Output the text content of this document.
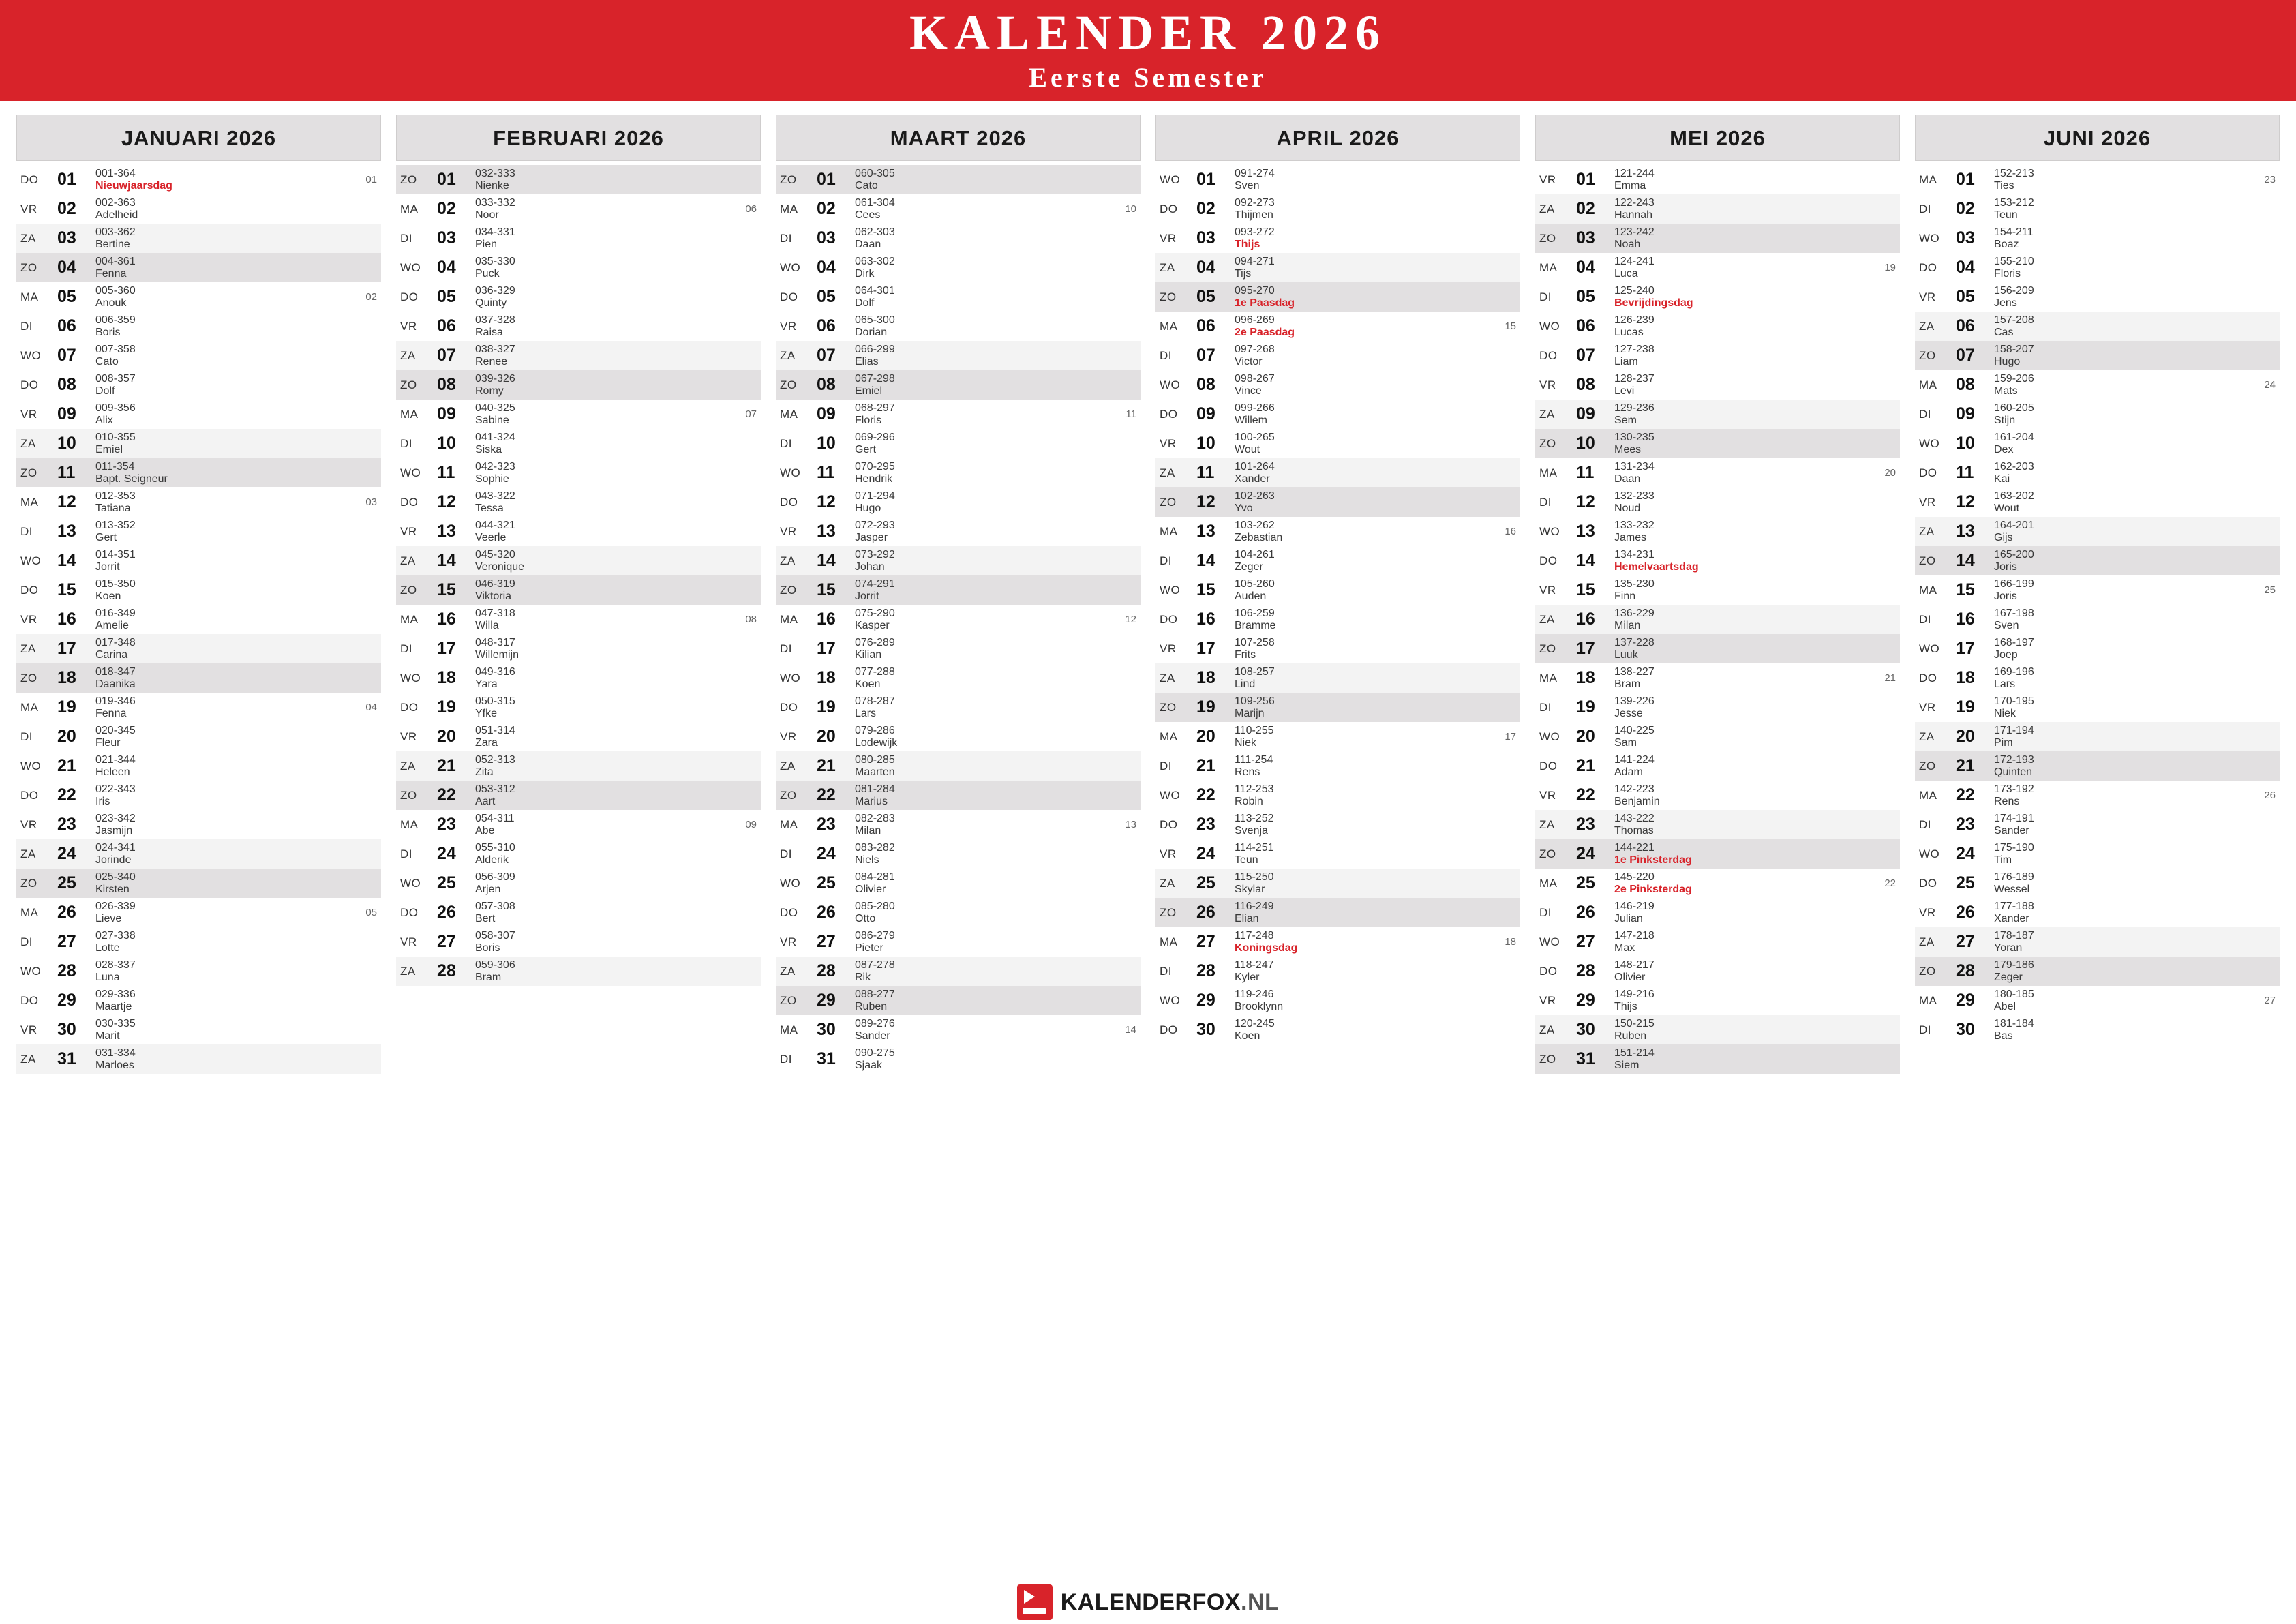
KALENDER 2026
Eerste Semester
JANUARI 2026
DO	01	001-364
Nieuwjaarsdag	01
VR	02	002-363
Adelheid
ZA	03	003-362
Bertine
ZO	04	004-361
Fenna
MA	05	005-360
Anouk	02
DI	06	006-359
Boris
WO 07	007-358
Cato
DO	08	008-357
Dolf
VR	09	009-356
Alix
ZA	10	010-355
Emiel
ZO	11	011-354
Bapt. Seigneur
MA	12	012-353
Tatiana	03
DI	13	013-352
Gert
WO 14	014-351
Jorrit
DO	15	015-350
Koen
VR	16	016-349
Amelie
ZA	17	017-348
Carina
ZO	18	018-347
Daanika
MA	19	019-346
Fenna	04
DI	20	020-345
Fleur
WO 21	021-344
Heleen
DO	22	022-343
Iris
VR	23	023-342
Jasmijn
ZA	24	024-341
Jorinde
ZO	25	025-340
Kirsten
MA	26	026-339
Lieve	05
DI	27	027-338
Lotte
WO 28	028-337
Luna
DO	29	029-336
Maartje
VR	30	030-335
Marit
ZA	31	031-334
Marloes
FEBRUARI 2026
ZO	01	032-333
Nienke
MA	02	033-332
Noor	06
DI	03	034-331
Pien
WO 04	035-330
Puck
DO	05	036-329
Quinty
VR	06	037-328
Raisa
ZA	07	038-327
Renee
ZO	08	039-326
Romy
MA	09	040-325
Sabine	07
DI	10	041-324
Siska
WO 11	042-323
Sophie
DO	12	043-322
Tessa
VR	13	044-321
Veerle
ZA	14	045-320
Veronique
ZO	15	046-319
Viktoria
MA	16	047-318
Willa	08
DI	17	048-317
Willemijn
WO 18	049-316
Yara
DO	19	050-315
Yfke
VR	20	051-314
Zara
ZA	21	052-313
Zita
ZO	22	053-312
Aart
MA	23	054-311
Abe	09
DI	24	055-310
Alderik
WO 25	056-309
Arjen
DO	26	057-308
Bert
VR	27	058-307
Boris
ZA	28	059-306
Bram
MAART 2026
ZO	01	060-305
Cato
MA	02	061-304
Cees	10
DI	03	062-303
Daan
WO 04	063-302
Dirk
DO	05	064-301
Dolf
VR	06	065-300
Dorian
ZA	07	066-299
Elias
ZO	08	067-298
Emiel
MA	09	068-297
Floris	11
DI	10	069-296
Gert
WO 11	070-295
Hendrik
DO	12	071-294
Hugo
VR	13	072-293
Jasper
ZA	14	073-292
Johan
ZO	15	074-291
Jorrit
MA	16	075-290
Kasper	12
DI	17	076-289
Kilian
WO 18	077-288
Koen
DO	19	078-287
Lars
VR	20	079-286
Lodewijk
ZA	21	080-285
Maarten
ZO	22	081-284
Marius
MA	23	082-283
Milan	13
DI	24	083-282
Niels
WO 25	084-281
Olivier
DO	26	085-280
Otto
VR	27	086-279
Pieter
ZA	28	087-278
Rik
ZO	29	088-277
Ruben
MA	30	089-276
Sander	14
DI	31	090-275
Sjaak
APRIL 2026
WO 01	091-274
Sven
DO	02	092-273
Thijmen
VR	03	093-272
Thijs
ZA	04	094-271
Tijs
ZO	05	095-270
1e Paasdag
MA	06	096-269
2e Paasdag	15
DI	07	097-268
Victor
WO 08	098-267
Vince
DO	09	099-266
Willem
VR	10	100-265
Wout
ZA	11	101-264
Xander
ZO	12	102-263
Yvo
MA	13	103-262
Zebastian	16
DI	14	104-261
Zeger
WO 15	105-260
Auden
DO	16	106-259
Bramme
VR	17	107-258
Frits
ZA	18	108-257
Lind
ZO	19	109-256
Marijn
MA	20	110-255
Niek	17
DI	21	111-254
Rens
WO 22	112-253
Robin
DO	23	113-252
Svenja
VR	24	114-251
Teun
ZA	25	115-250
Skylar
ZO	26	116-249
Elian
MA	27	117-248
Koningsdag	18
DI	28	118-247
Kyler
WO 29	119-246
Brooklynn
DO	30	120-245
Koen
MEI 2026
VR	01	121-244
Emma
ZA	02	122-243
Hannah
ZO	03	123-242
Noah
MA	04	124-241
Luca	19
DI	05	125-240
Bevrijdingsdag
WO 06	126-239
Lucas
DO	07	127-238
Liam
VR	08	128-237
Levi
ZA	09	129-236
Sem
ZO	10	130-235
Mees
MA	11	131-234
Daan	20
DI	12	132-233
Noud
WO 13	133-232
James
DO	14	134-231
Hemelvaartsdag
VR	15	135-230
Finn
ZA	16	136-229
Milan
ZO	17	137-228
Luuk
MA	18	138-227
Bram	21
DI	19	139-226
Jesse
WO 20	140-225
Sam
DO	21	141-224
Adam
VR	22	142-223
Benjamin
ZA	23	143-222
Thomas
ZO	24	144-221
1e Pinksterdag
MA	25	145-220
2e Pinksterdag	22
DI	26	146-219
Julian
WO 27	147-218
Max
DO	28	148-217
Olivier
VR	29	149-216
Thijs
ZA	30	150-215
Ruben
ZO	31	151-214
Siem
JUNI 2026
MA	01	152-213
Ties	23
DI	02	153-212
Teun
WO 03	154-211
Boaz
DO	04	155-210
Floris
VR	05	156-209
Jens
ZA	06	157-208
Cas
ZO	07	158-207
Hugo
MA	08	159-206
Mats	24
DI	09	160-205
Stijn
WO 10	161-204
Dex
DO	11	162-203
Kai
VR	12	163-202
Wout
ZA	13	164-201
Gijs
ZO	14	165-200
Joris
MA	15	166-199
Joris	25
DI	16	167-198
Sven
WO 17	168-197
Joep
DO	18	169-196
Lars
VR	19	170-195
Niek
ZA	20	171-194
Pim
ZO	21	172-193
Quinten
MA	22	173-192
Rens	26
DI	23	174-191
Sander
WO 24	175-190
Tim
DO	25	176-189
Wessel
VR	26	177-188
Xander
ZA	27	178-187
Yoran
ZO	28	179-186
Zeger
MA	29	180-185
Abel	27
DI	30	181-184
Bas
KALENDERFOX.NL
